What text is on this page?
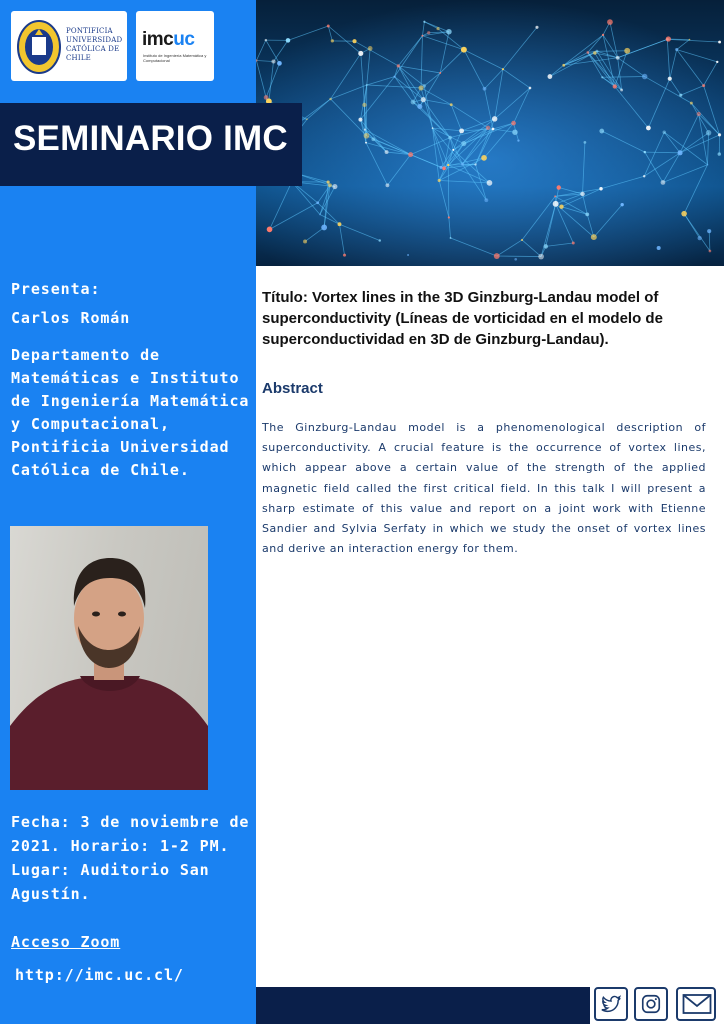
PONTIFICIA UNIVERSIDAD CATÓLICA DE CHILE
imcuc
Instituto de Ingeniería Matemática y Computacional
SEMINARIO IMC
Presenta:
Carlos Román
Departamento de Matemáticas e Instituto de Ingeniería Matemática y Computacional, Pontificia Universidad Católica de Chile.
Fecha: 3 de noviembre de 2021. Horario: 1-2 PM. Lugar: Auditorio San Agustín.
Acceso Zoom
http://imc.uc.cl/
Título: Vortex lines in the 3D Ginzburg-Landau model of superconductivity (Líneas de vorticidad en el modelo de superconductividad en 3D de Ginzburg-Landau).
Abstract
The Ginzburg-Landau model is a phenomenological description of superconductivity. A crucial feature is the occurrence of vortex lines, which appear above a certain value of the strength of the applied magnetic field called the first critical field. In this talk I will present a sharp estimate of this value and report on a joint work with Etienne Sandier and Sylvia Serfaty in which we study the onset of vortex lines and derive an interaction energy for them.
